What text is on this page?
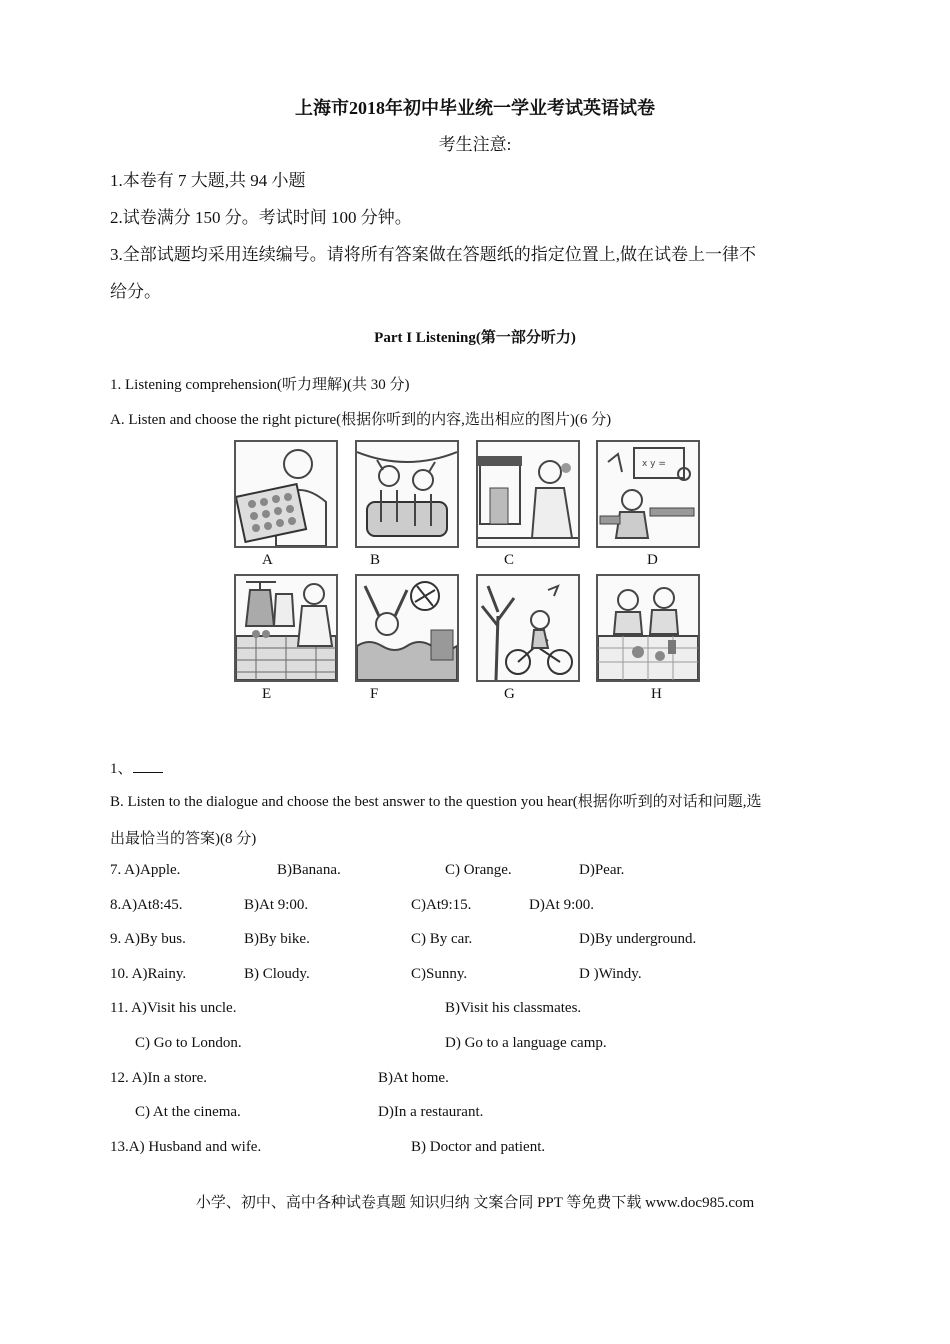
上海市2018年初中毕业统一学业考试英语试卷
考生注意:
1.本卷有 7 大题,共 94 小题
2.试卷满分 150 分。考试时间 100 分钟。
3.全部试题均采用连续编号。请将所有答案做在答题纸的指定位置上,做在试卷上一律不
给分。
Part I Listening(第一部分听力)
1. Listening comprehension(听力理解)(共 30 分)
A. Listen and choose the right picture(根据你听到的内容,选出相应的图片)(6 分)
x y =
A	B	C	D
E	F	G	H
1、
B. Listen to the dialogue and choose the best answer to the question you hear(根据你听到的对话和问题,选
出最恰当的答案)(8 分)
7. A)Apple.	B)Banana.	C) Orange.	D)Pear.
8.A)At8:45.	B)At 9:00.	C)At9:15.	D)At 9:00.
9. A)By bus.	B)By bike.	C) By car.	D)By underground.
10. A)Rainy.	B) Cloudy.	C)Sunny.	D )Windy.
11. A)Visit his uncle.	B)Visit his classmates.
C) Go to London.	D) Go to a language camp.
12. A)In a store.	B)At home.
C) At the cinema.	D)In a restaurant.
13.A) Husband and wife.	B) Doctor and patient.
小学、初中、高中各种试卷真题 知识归纳 文案合同 PPT 等免费下载 www.doc985.com
